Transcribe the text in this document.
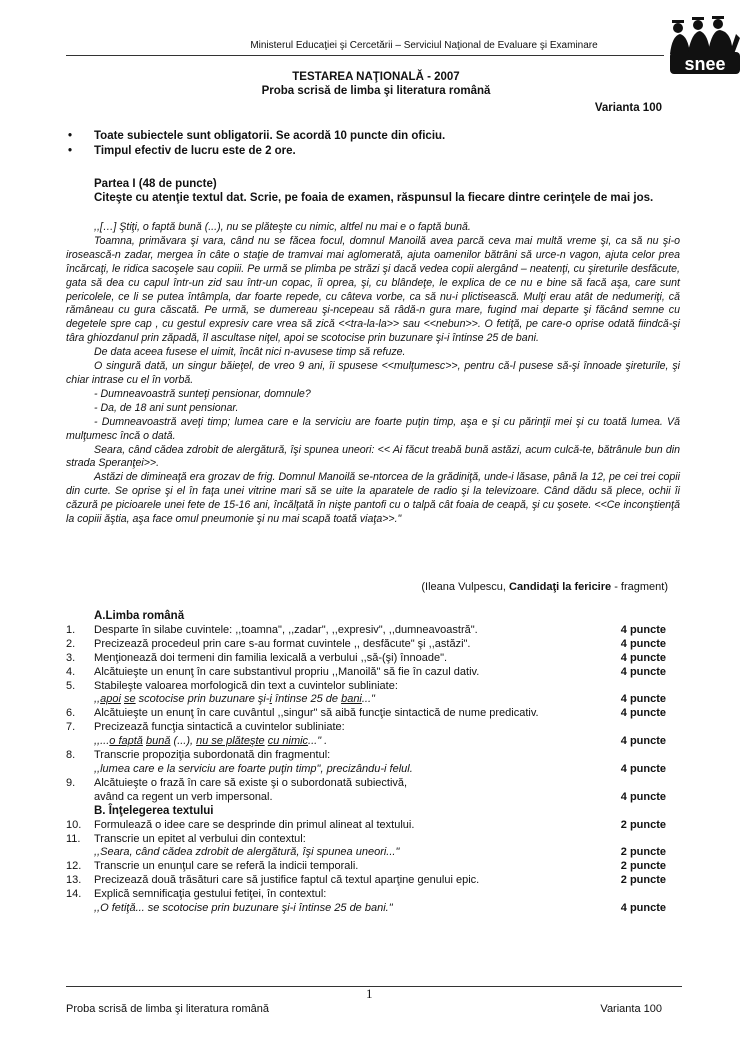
Ministerul Educaţiei şi Cercetării – Serviciul Naţional de Evaluare şi Examinare
snee
TESTAREA NAŢIONALĂ - 2007
Proba scrisă de limba şi literatura română
Varianta 100
• Toate subiectele sunt obligatorii. Se acordă 10 puncte din oficiu.
• Timpul efectiv de lucru este de 2 ore.
Partea I (48 de puncte)
Citeşte cu atenţie textul dat. Scrie, pe foaia de examen, răspunsul la fiecare dintre cerinţele de mai jos.

,,[…] Ştiţi, o faptă bună (...), nu se plăteşte cu nimic, altfel nu mai e o faptă bună.

Toamna, primăvara şi vara, când nu se făcea focul, domnul Manoilă avea parcă ceva mai multă vreme şi, ca să nu şi-o irosească-n zadar, mergea în câte o staţie de tramvai mai aglomerată, ajuta oamenilor bătrâni să urce-n vagon, ajuta celor prea încărcaţi, le ridica sacoşele sau copiii. Pe urmă se plimba pe străzi şi dacă vedea copii alergând – neatenţi, cu şireturile desfăcute, gata să dea cu capul într-un zid sau într-un copac, îi oprea, şi, cu blândeţe, le explica de ce nu e bine să facă aşa, care sunt pericolele, ce li se putea întâmpla, dar foarte repede, cu câteva vorbe, ca să nu-i plictisească. Mulţi erau atât de nedumeriţi, că rămâneau cu gura căscată. Pe urmă, se dumereau şi-ncepeau să râdă-n gura mare, fugind mai departe şi făcând semne cu degetele spre cap , cu gestul expresiv care vrea să zică <<tra-la-la>> sau <<nebun>>. O fetiţă, pe care-o oprise odată fiindcă-şi târa ghiozdanul prin zăpadă, îl ascultase niţel, apoi se scotocise prin buzunare şi-i întinse 25 de bani.

De data aceea fusese el uimit, încât nici n-avusese timp să refuze.

O singură dată, un singur băieţel, de vreo 9 ani, îi spusese <<mulţumesc>>, pentru că-l pusese să-şi înnoade şireturile, şi chiar intrase cu el în vorbă.

- Dumneavoastră sunteţi pensionar, domnule?

- Da, de 18 ani sunt pensionar.

- Dumneavoastră aveţi timp; lumea care e la serviciu are foarte puţin timp, aşa e şi cu părinţii mei şi cu toată lumea. Vă mulţumesc încă o dată.

Seara, când cădea zdrobit de alergătură, îşi spunea uneori: << Ai făcut treabă bună astăzi, acum culcă-te, bătrânule bun din strada Speranţei>>.

Astăzi de dimineaţă era grozav de frig. Domnul Manoilă se-ntorcea de la grădiniţă, unde-i lăsase, până la 12, pe cei trei copii din curte. Se oprise şi el în faţa unei vitrine mari să se uite la aparatele de radio şi la televizoare. Când dădu să plece, ochii îi căzură pe picioarele unei fete de 15-16 ani, încălţată în nişte pantofi cu o talpă cât foaia de ceapă, şi cu şosete. <<Ce inconştienţă la copiii ăştia, aşa face omul pneumonie şi nu mai scapă toată viaţa>>."

(Ileana Vulpescu, Candidaţi la fericire - fragment)
A.Limba română
1.	Desparte în silabe cuvintele: ,,toamna", ,,zadar", ,,expresiv", ,,dumneavoastră".	4 puncte
2.	Precizează procedeul prin care s-au format cuvintele ,, desfăcute" şi ,,astăzi".	4 puncte
3.	Menţionează doi termeni din familia lexicală a verbului ,,să-(şi) înnoade".	4 puncte
4.	Alcătuieşte un enunţ în care substantivul propriu ,,Manoilă" să fie în cazul dativ.	4 puncte
5.	Stabileşte valoarea morfologică din text a cuvintelor subliniate:
,,apoi se scotocise prin buzunare şi-i întinse 25 de bani..."	4 puncte
6.	Alcătuieşte un enunţ în care cuvântul ,,singur" să aibă funcţie sintactică de nume predicativ.	4 puncte
7.	Precizează funcţia sintactică a cuvintelor subliniate:
,,...o faptă bună (...), nu se plăteşte cu nimic..." .	4 puncte
8.	Transcrie propoziţia subordonată din fragmentul:
,,lumea care e la serviciu are foarte puţin timp", precizându-i felul.	4 puncte
9.	Alcătuieşte o frază în care să existe şi o subordonată subiectivă,
având ca regent un verb impersonal.	4 puncte
B. Înţelegerea textului
10.	Formulează o idee care se desprinde din primul alineat al textului.	2 puncte
11.	Transcrie un epitet al verbului din contextul:
,,Seara, când cădea zdrobit de alergătură, îşi spunea uneori..."	2 puncte
12.	Transcrie un enunţul care se referă la indicii temporali.	2 puncte
13.	Precizează două trăsături care să justifice faptul că textul aparţine genului epic.	2 puncte
14.	Explică semnificaţia gestului fetiţei, în contextul:
,,O fetiţă... se scotocise prin buzunare şi-i întinse 25 de bani."	4 puncte
1
Proba scrisă de limba şi literatura română	Varianta 100
